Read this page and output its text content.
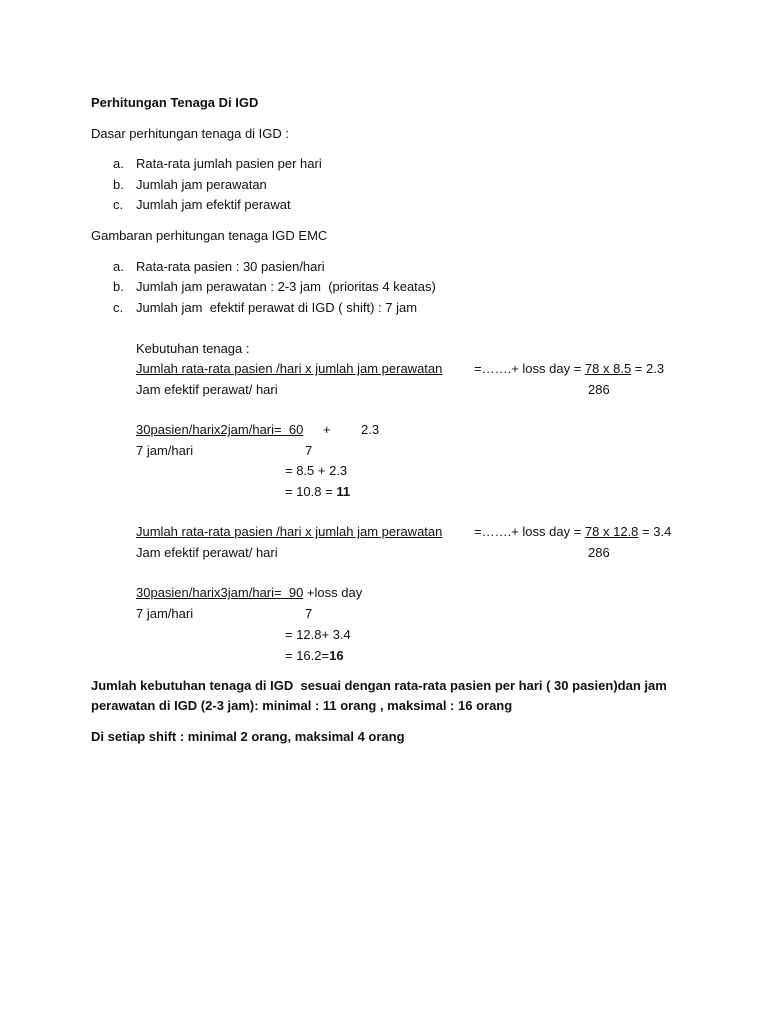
Perhitungan Tenaga Di IGD
Dasar perhitungan tenaga di IGD :
a. Rata-rata jumlah pasien per hari
b. Jumlah jam perawatan
c. Jumlah jam efektif perawat
Gambaran perhitungan tenaga IGD EMC
a. Rata-rata pasien : 30 pasien/hari
b. Jumlah jam perawatan : 2-3 jam  (prioritas 4 keatas)
c. Jumlah jam  efektif perawat di IGD ( shift) : 7 jam
Kebutuhan tenaga :
Jumlah rata-rata pasien /hari x jumlah jam perawatan =…….+ loss day = 78 x 8.5 = 2.3
Jam efektif perawat/ hari	286
30pasien/harix2jam/hari=  60 + 2.3
7 jam/hari	7
= 8.5 + 2.3
= 10.8 = 11
Jumlah rata-rata pasien /hari x jumlah jam perawatan =…….+ loss day = 78 x 12.8 = 3.4
Jam efektif perawat/ hari	286
30pasien/harix3jam/hari=  90 +loss day
7 jam/hari	7
= 12.8+ 3.4
= 16.2=16
Jumlah kebutuhan tenaga di IGD  sesuai dengan rata-rata pasien per hari ( 30 pasien)dan jam
perawatan di IGD (2-3 jam): minimal : 11 orang , maksimal : 16 orang
Di setiap shift : minimal 2 orang, maksimal 4 orang
